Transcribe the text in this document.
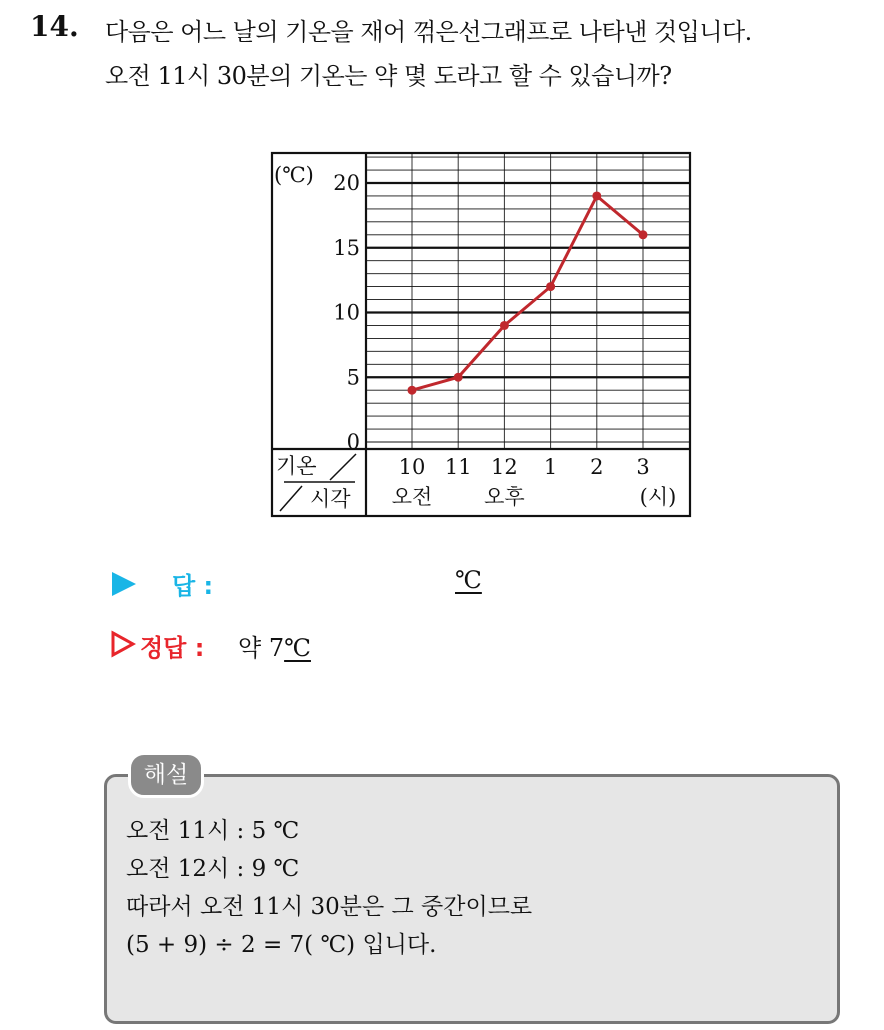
14. 다음은 어느 날의 기온을 재어 꺾은선그래프로 나타낸 것입니다.
오전 11시 30분의 기온는 약 몇 도라고 할 수 있습니까?
기온
시각
(℃)
0
5
10
15
20
10 11 12 1 2 3
오전 오후	(시)
답 :	℃
정답 : 약 7℃
해설
오전 11시 : 5 ℃
오전 12시 : 9 ℃
따라서 오전 11시 30분은 그 중간이므로
(5 + 9) ÷ 2 = 7( ℃) 입니다.
